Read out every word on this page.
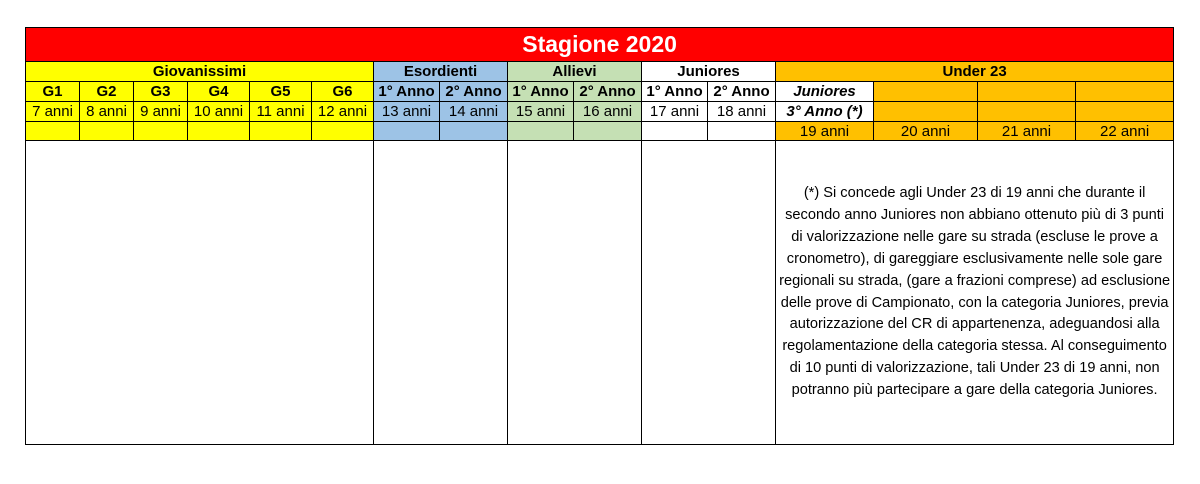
Stagione 2020															
Giovanissimi						Esordienti		Allievi		Juniores		Under 23			
G1	G2	G3	G4	G5	G6	1° Anno	2° Anno	1° Anno	2° Anno	1° Anno	2° Anno	Juniores			
7 anni	8 anni	9 anni	10 anni	11 anni	12 anni	13 anni	14 anni	15 anni	16 anni	17 anni	18 anni	3° Anno (*)			
												19 anni	20 anni	21 anni	22 anni

												(*) Si concede agli Under 23 di 19 anni che durante il secondo anno Juniores non abbiano ottenuto più di 3 punti di valorizzazione nelle gare su strada (escluse le prove a cronometro), di gareggiare esclusivamente nelle sole gare regionali su strada, (gare a frazioni comprese) ad esclusione delle prove di Campionato, con la categoria Juniores, previa autorizzazione del CR di appartenenza, adeguandosi alla regolamentazione della categoria stessa. Al conseguimento di 10 punti di valorizzazione, tali Under 23 di 19 anni, non potranno più partecipare a gare della categoria Juniores.			
